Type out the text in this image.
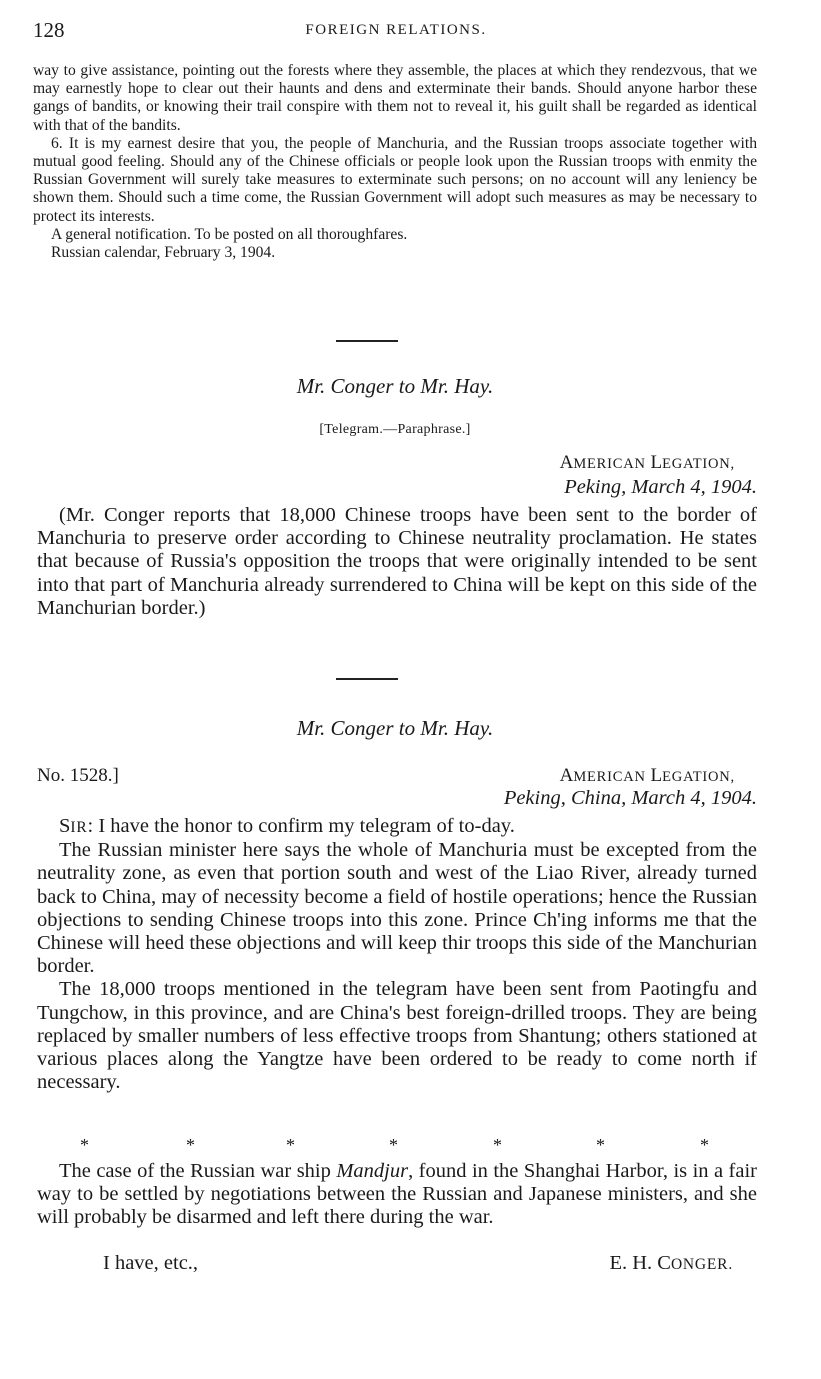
128	FOREIGN RELATIONS.

way to give assistance, pointing out the forests where they assemble, the places at which they rendezvous, that we may earnestly hope to clear out their haunts and dens and exterminate their bands. Should anyone harbor these gangs of bandits, or knowing their trail conspire with them not to reveal it, his guilt shall be regarded as identical with that of the bandits.

6. It is my earnest desire that you, the people of Manchuria, and the Russian troops associate together with mutual good feeling. Should any of the Chinese officials or people look upon the Russian troops with enmity the Russian Government will surely take measures to exterminate such persons; on no account will any leniency be shown them. Should such a time come, the Russian Government will adopt such measures as may be necessary to protect its interests.

A general notification. To be posted on all thoroughfares.

Russian calendar, February 3, 1904.

Mr. Conger to Mr. Hay.
[Telegram.—Paraphrase.]
AMERICAN LEGATION,
Peking, March 4, 1904.

(Mr. Conger reports that 18,000 Chinese troops have been sent to the border of Manchuria to preserve order according to Chinese neutrality proclamation. He states that because of Russia's opposition the troops that were originally intended to be sent into that part of Manchuria already surrendered to China will be kept on this side of the Manchurian border.)

Mr. Conger to Mr. Hay.
No. 1528.]	AMERICAN LEGATION,
Peking, China, March 4, 1904.

SIR: I have the honor to confirm my telegram of to-day.

The Russian minister here says the whole of Manchuria must be excepted from the neutrality zone, as even that portion south and west of the Liao River, already turned back to China, may of necessity become a field of hostile operations; hence the Russian objections to sending Chinese troops into this zone. Prince Ch'ing informs me that the Chinese will heed these objections and will keep thir troops this side of the Manchurian border.

The 18,000 troops mentioned in the telegram have been sent from Paotingfu and Tungchow, in this province, and are China's best foreign-drilled troops. They are being replaced by smaller numbers of less effective troops from Shantung; others stationed at various places along the Yangtze have been ordered to be ready to come north if necessary.

*	*	*	*	*	*	*

The case of the Russian war ship Mandjur, found in the Shanghai Harbor, is in a fair way to be settled by negotiations between the Russian and Japanese ministers, and she will probably be disarmed and left there during the war.

I have, etc.,	E. H. CONGER.
